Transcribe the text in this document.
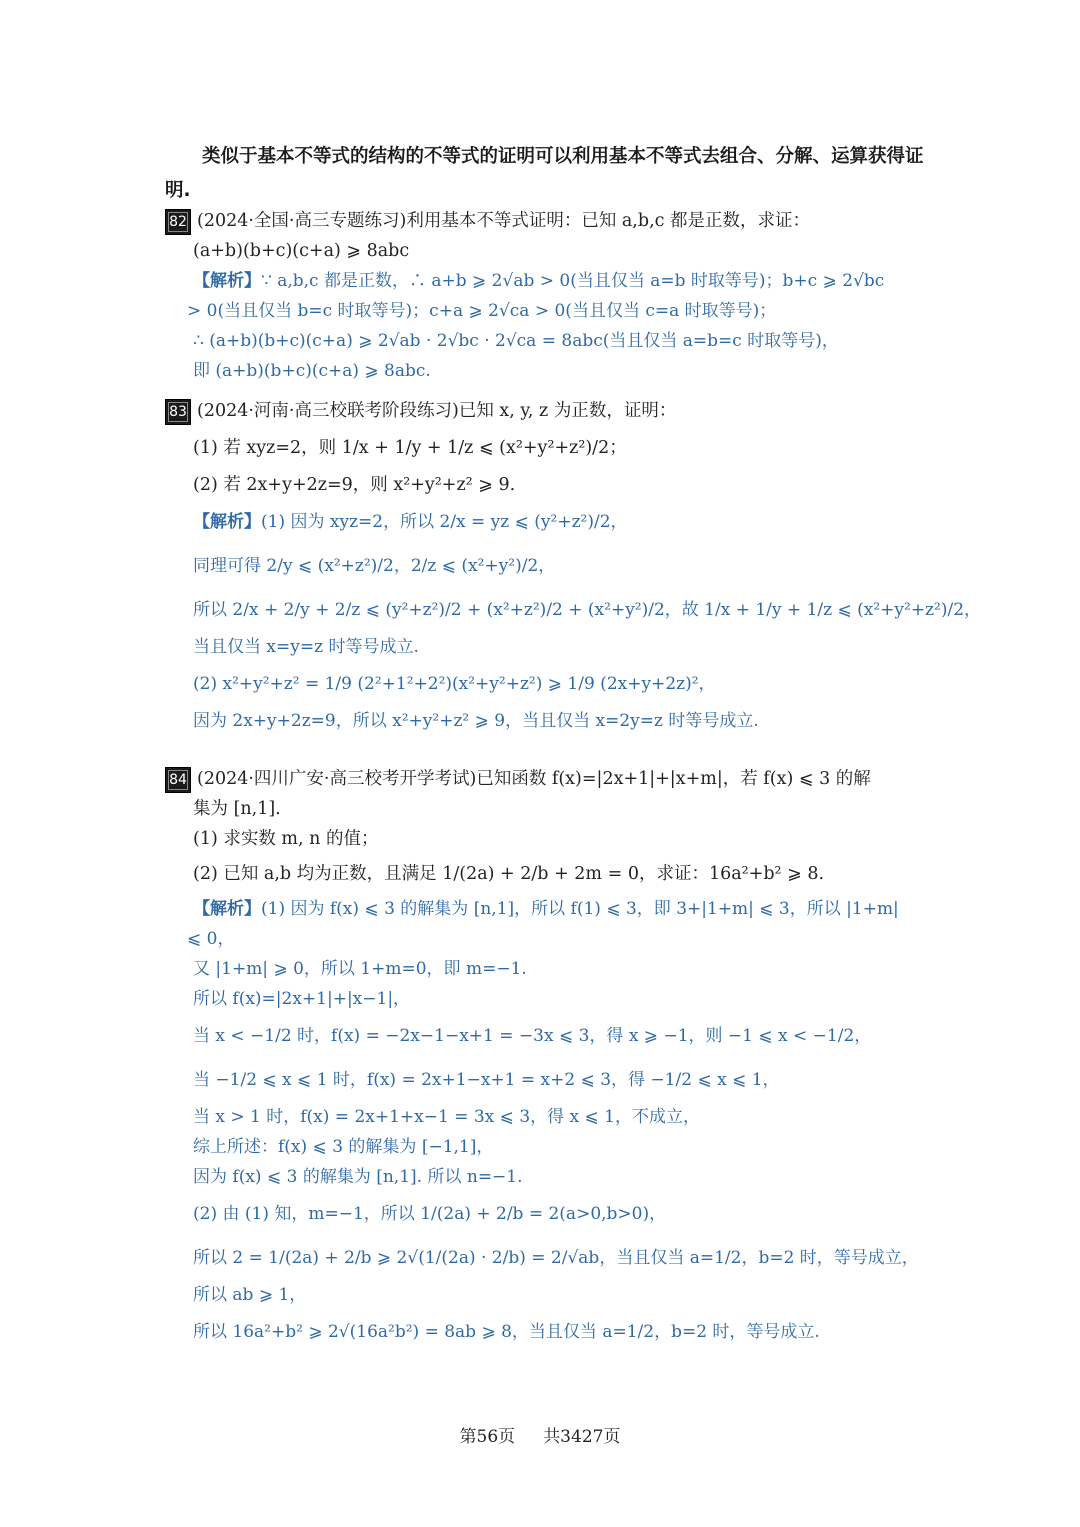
类似于基本不等式的结构的不等式的证明可以利用基本不等式去组合、分解、运算获得证明.
82 (2024·全国·高三专题练习)利用基本不等式证明：已知 a,b,c 都是正数，求证：
(a+b)(b+c)(c+a) ⩾ 8abc
【解析】∵ a,b,c 都是正数，∴ a+b ⩾ 2√ab > 0(当且仅当 a=b 时取等号)；b+c ⩾ 2√bc
> 0(当且仅当 b=c 时取等号)；c+a ⩾ 2√ca > 0(当且仅当 c=a 时取等号)；
∴ (a+b)(b+c)(c+a) ⩾ 2√ab · 2√bc · 2√ca = 8abc(当且仅当 a=b=c 时取等号)，
即 (a+b)(b+c)(c+a) ⩾ 8abc.
83 (2024·河南·高三校联考阶段练习)已知 x, y, z 为正数，证明：
(1) 若 xyz=2，则 1/x + 1/y + 1/z ⩽ (x²+y²+z²)/2；
(2) 若 2x+y+2z=9，则 x²+y²+z² ⩾ 9.
【解析】(1) 因为 xyz=2，所以 2/x = yz ⩽ (y²+z²)/2，
同理可得 2/y ⩽ (x²+z²)/2，2/z ⩽ (x²+y²)/2，
所以 2/x + 2/y + 2/z ⩽ (y²+z²)/2 + (x²+z²)/2 + (x²+y²)/2，故 1/x + 1/y + 1/z ⩽ (x²+y²+z²)/2，
当且仅当 x=y=z 时等号成立.
(2) x²+y²+z² = 1/9 (2²+1²+2²)(x²+y²+z²) ⩾ 1/9 (2x+y+2z)²，
因为 2x+y+2z=9，所以 x²+y²+z² ⩾ 9，当且仅当 x=2y=z 时等号成立.
84 (2024·四川广安·高三校考开学考试)已知函数 f(x)=|2x+1|+|x+m|，若 f(x) ⩽ 3 的解
集为 [n,1].
(1) 求实数 m, n 的值；
(2) 已知 a,b 均为正数，且满足 1/(2a) + 2/b + 2m = 0，求证：16a²+b² ⩾ 8.
【解析】(1) 因为 f(x) ⩽ 3 的解集为 [n,1]，所以 f(1) ⩽ 3，即 3+|1+m| ⩽ 3，所以 |1+m|
⩽ 0，
又 |1+m| ⩾ 0，所以 1+m=0，即 m=−1.
所以 f(x)=|2x+1|+|x−1|，
当 x < −1/2 时，f(x) = −2x−1−x+1 = −3x ⩽ 3，得 x ⩾ −1，则 −1 ⩽ x < −1/2，
当 −1/2 ⩽ x ⩽ 1 时，f(x) = 2x+1−x+1 = x+2 ⩽ 3，得 −1/2 ⩽ x ⩽ 1，
当 x > 1 时，f(x) = 2x+1+x−1 = 3x ⩽ 3，得 x ⩽ 1，不成立，
综上所述：f(x) ⩽ 3 的解集为 [−1,1]，
因为 f(x) ⩽ 3 的解集为 [n,1]. 所以 n=−1.
(2) 由 (1) 知，m=−1，所以 1/(2a) + 2/b = 2(a>0,b>0)，
所以 2 = 1/(2a) + 2/b ⩾ 2√(1/(2a) · 2/b) = 2/√ab，当且仅当 a=1/2，b=2 时，等号成立，
所以 ab ⩾ 1，
所以 16a²+b² ⩾ 2√(16a²b²) = 8ab ⩾ 8，当且仅当 a=1/2，b=2 时，等号成立.
第56页 共3427页
